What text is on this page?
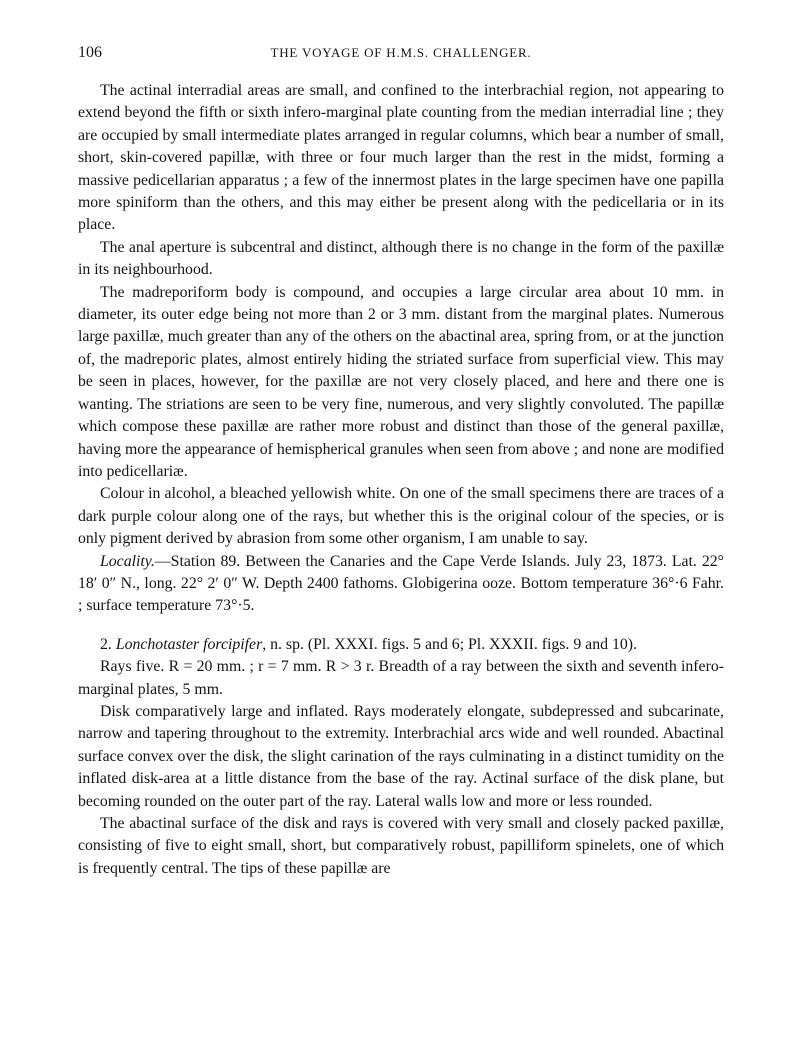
106	THE VOYAGE OF H.M.S. CHALLENGER.

The actinal interradial areas are small, and confined to the interbrachial region, not appearing to extend beyond the fifth or sixth infero-marginal plate counting from the median interradial line ; they are occupied by small intermediate plates arranged in regular columns, which bear a number of small, short, skin-covered papillæ, with three or four much larger than the rest in the midst, forming a massive pedicellarian apparatus ; a few of the innermost plates in the large specimen have one papilla more spiniform than the others, and this may either be present along with the pedicellaria or in its place.

The anal aperture is subcentral and distinct, although there is no change in the form of the paxillæ in its neighbourhood.

The madreporiform body is compound, and occupies a large circular area about 10 mm. in diameter, its outer edge being not more than 2 or 3 mm. distant from the marginal plates. Numerous large paxillæ, much greater than any of the others on the abactinal area, spring from, or at the junction of, the madreporic plates, almost entirely hiding the striated surface from superficial view. This may be seen in places, however, for the paxillæ are not very closely placed, and here and there one is wanting. The striations are seen to be very fine, numerous, and very slightly convoluted. The papillæ which compose these paxillæ are rather more robust and distinct than those of the general paxillæ, having more the appearance of hemispherical granules when seen from above ; and none are modified into pedicellariæ.

Colour in alcohol, a bleached yellowish white. On one of the small specimens there are traces of a dark purple colour along one of the rays, but whether this is the original colour of the species, or is only pigment derived by abrasion from some other organism, I am unable to say.

Locality.—Station 89. Between the Canaries and the Cape Verde Islands. July 23, 1873. Lat. 22° 18′ 0″ N., long. 22° 2′ 0″ W. Depth 2400 fathoms. Globigerina ooze. Bottom temperature 36°·6 Fahr. ; surface temperature 73°·5.

2. Lonchotaster forcipifer, n. sp. (Pl. XXXI. figs. 5 and 6; Pl. XXXII. figs. 9 and 10).

Rays five. R = 20 mm. ; r = 7 mm. R > 3 r. Breadth of a ray between the sixth and seventh infero-marginal plates, 5 mm.

Disk comparatively large and inflated. Rays moderately elongate, subdepressed and subcarinate, narrow and tapering throughout to the extremity. Interbrachial arcs wide and well rounded. Abactinal surface convex over the disk, the slight carination of the rays culminating in a distinct tumidity on the inflated disk-area at a little distance from the base of the ray. Actinal surface of the disk plane, but becoming rounded on the outer part of the ray. Lateral walls low and more or less rounded.

The abactinal surface of the disk and rays is covered with very small and closely packed paxillæ, consisting of five to eight small, short, but comparatively robust, papilliform spinelets, one of which is frequently central. The tips of these papillæ are
